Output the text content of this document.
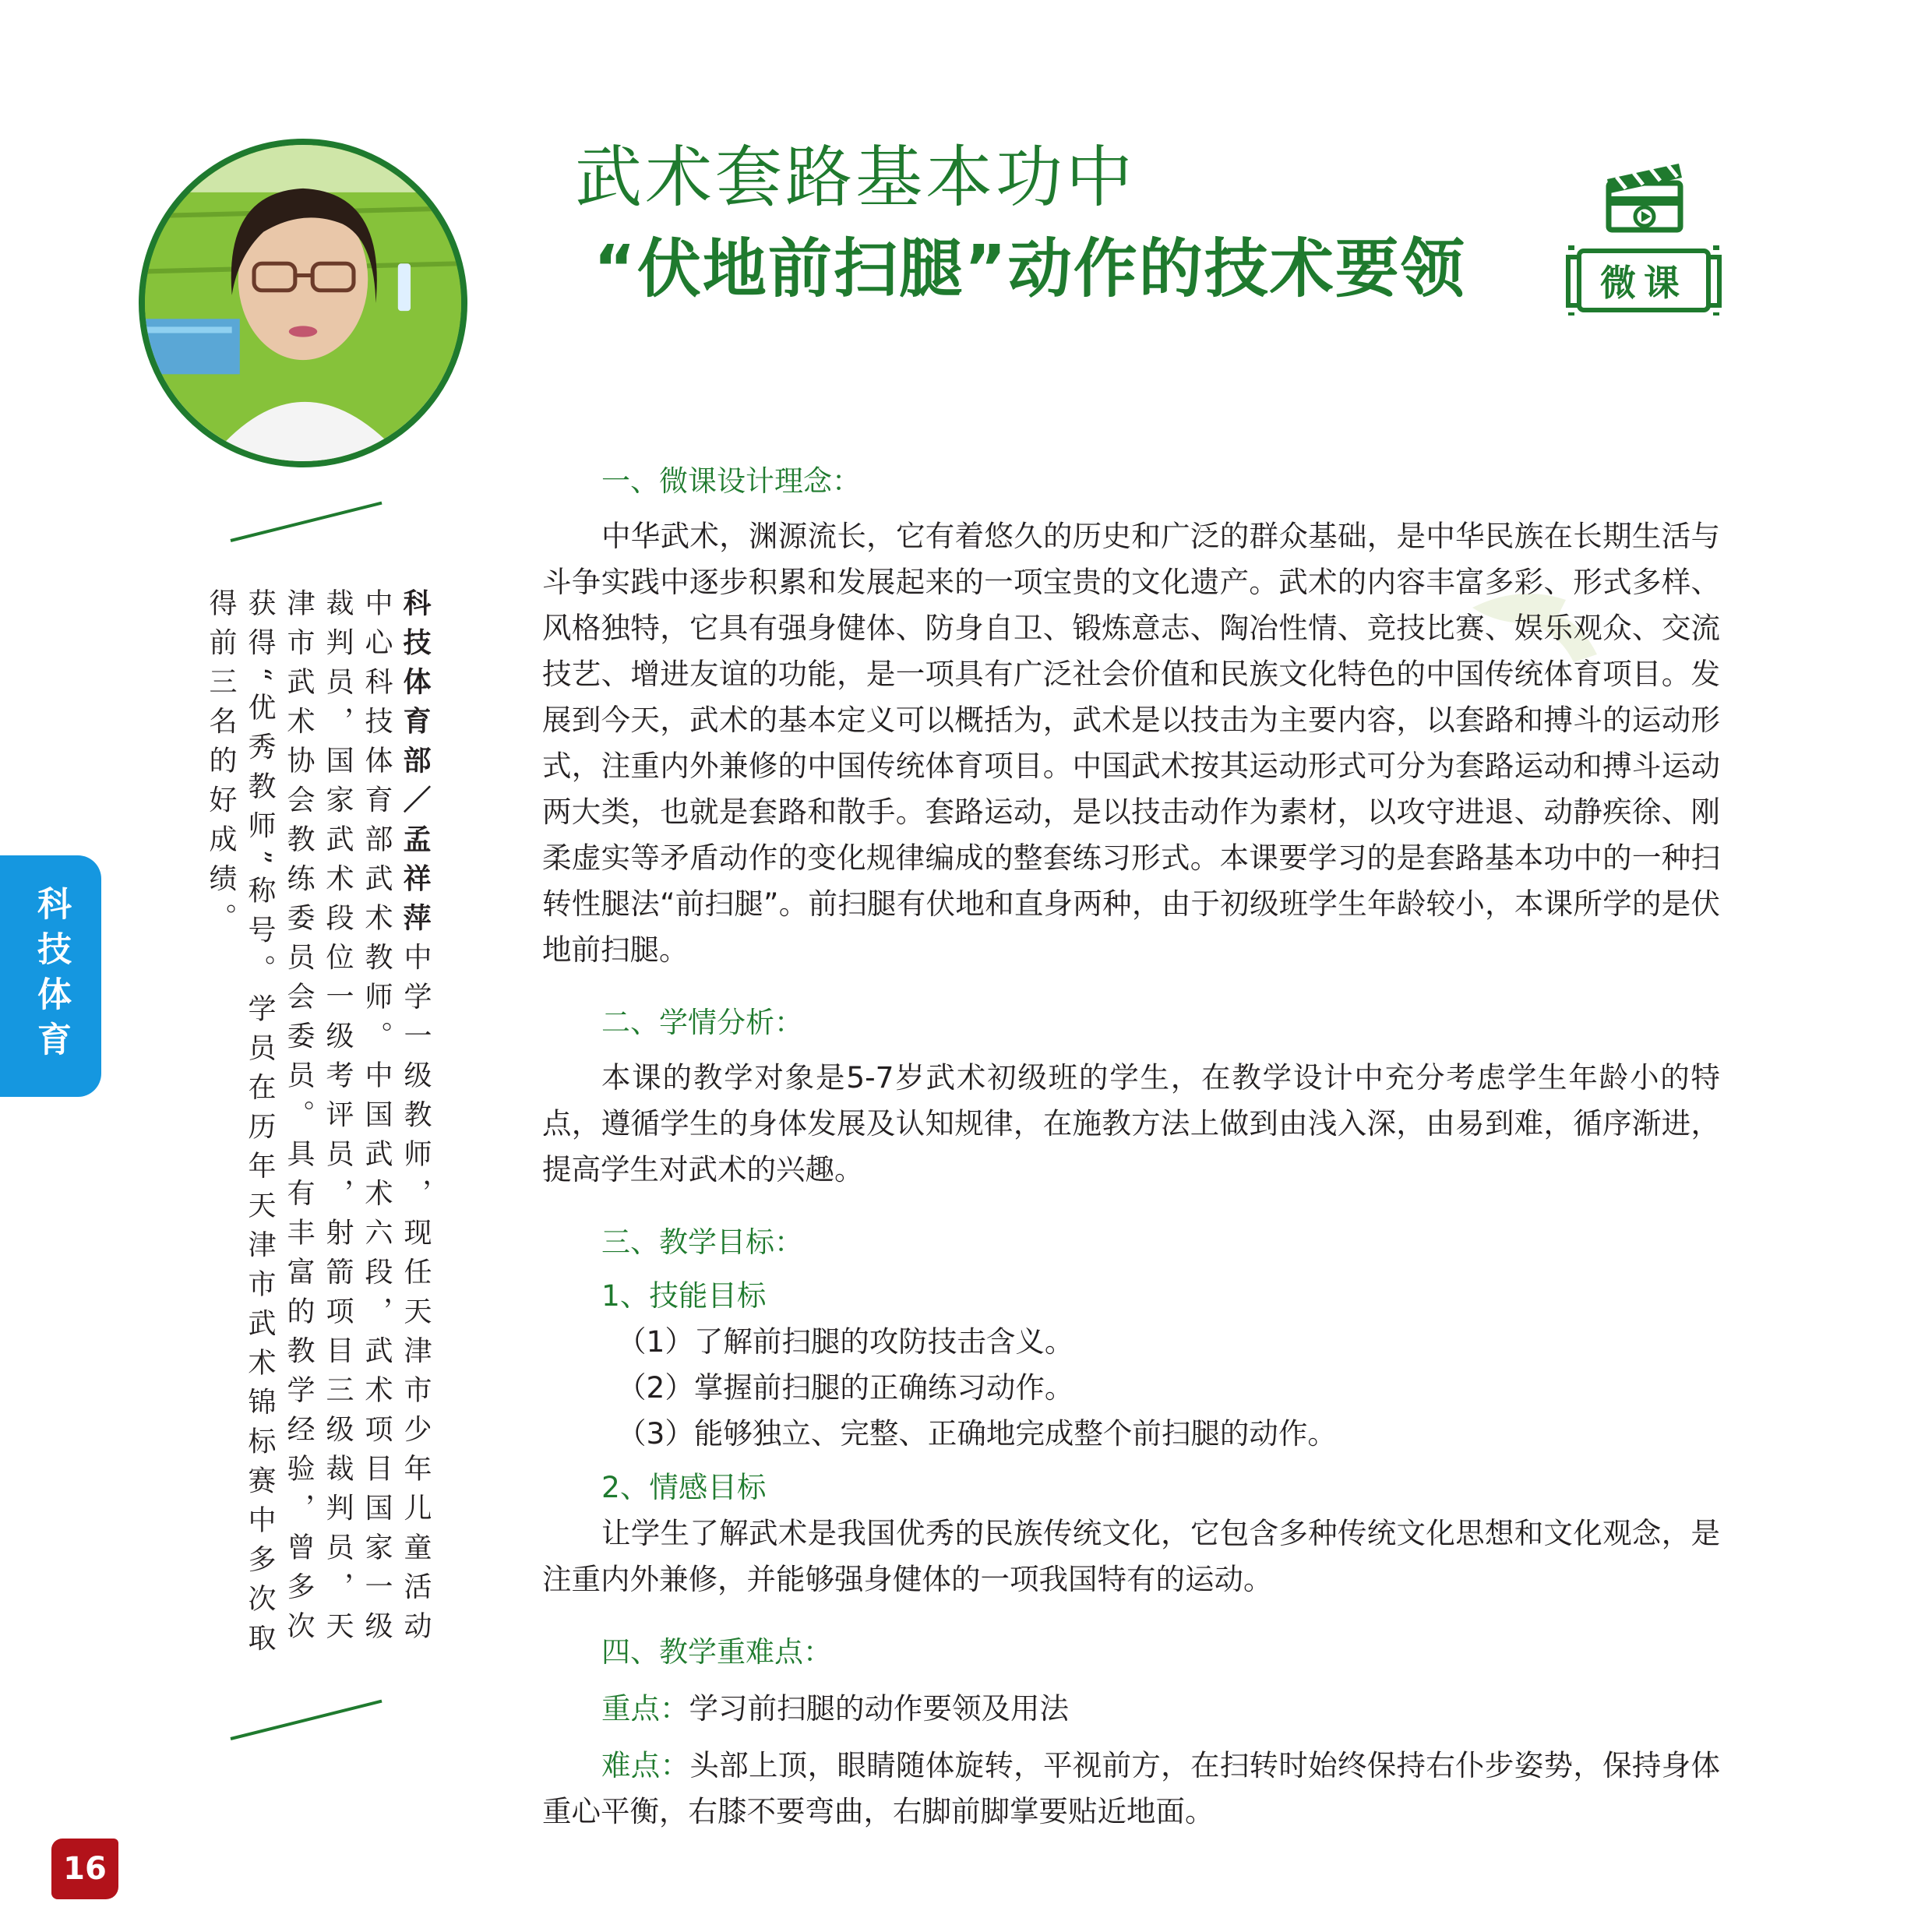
武术套路基本功中
“伏地前扫腿”动作的技术要领	微课
科技体育部／孟祥萍中学一级教师，现任天津市少年儿童活动中心科技体育部武术教师。中国武术六段，武术项目国家一级裁判员，国家武术段位一级考评员，射箭项目三级裁判员，天津市武术协会教练委员会委员。具有丰富的教学经验，曾多次获得“优秀教师”称号。学员在历年天津市武术锦标赛中多次取得前三名的好成绩。
科技体育
16

一、微课设计理念：

中华武术，渊源流长，它有着悠久的历史和广泛的群众基础，是中华民族在长期生活与斗争实践中逐步积累和发展起来的一项宝贵的文化遗产。武术的内容丰富多彩、形式多样、风格独特，它具有强身健体、防身自卫、锻炼意志、陶冶性情、竞技比赛、娱乐观众、交流技艺、增进友谊的功能，是一项具有广泛社会价值和民族文化特色的中国传统体育项目。发展到今天，武术的基本定义可以概括为，武术是以技击为主要内容，以套路和搏斗的运动形式，注重内外兼修的中国传统体育项目。中国武术按其运动形式可分为套路运动和搏斗运动两大类，也就是套路和散手。套路运动，是以技击动作为素材，以攻守进退、动静疾徐、刚柔虚实等矛盾动作的变化规律编成的整套练习形式。本课要学习的是套路基本功中的一种扫转性腿法“前扫腿”。前扫腿有伏地和直身两种，由于初级班学生年龄较小，本课所学的是伏地前扫腿。

二、学情分析：

本课的教学对象是5-7岁武术初级班的学生，在教学设计中充分考虑学生年龄小的特点，遵循学生的身体发展及认知规律，在施教方法上做到由浅入深，由易到难，循序渐进，提高学生对武术的兴趣。

三、教学目标：

1、技能目标

（1）了解前扫腿的攻防技击含义。

（2）掌握前扫腿的正确练习动作。

（3）能够独立、完整、正确地完成整个前扫腿的动作。

2、情感目标

让学生了解武术是我国优秀的民族传统文化，它包含多种传统文化思想和文化观念，是注重内外兼修，并能够强身健体的一项我国特有的运动。

四、教学重难点：

重点：学习前扫腿的动作要领及用法

难点：头部上顶，眼睛随体旋转，平视前方，在扫转时始终保持右仆步姿势，保持身体重心平衡，右膝不要弯曲，右脚前脚掌要贴近地面。
